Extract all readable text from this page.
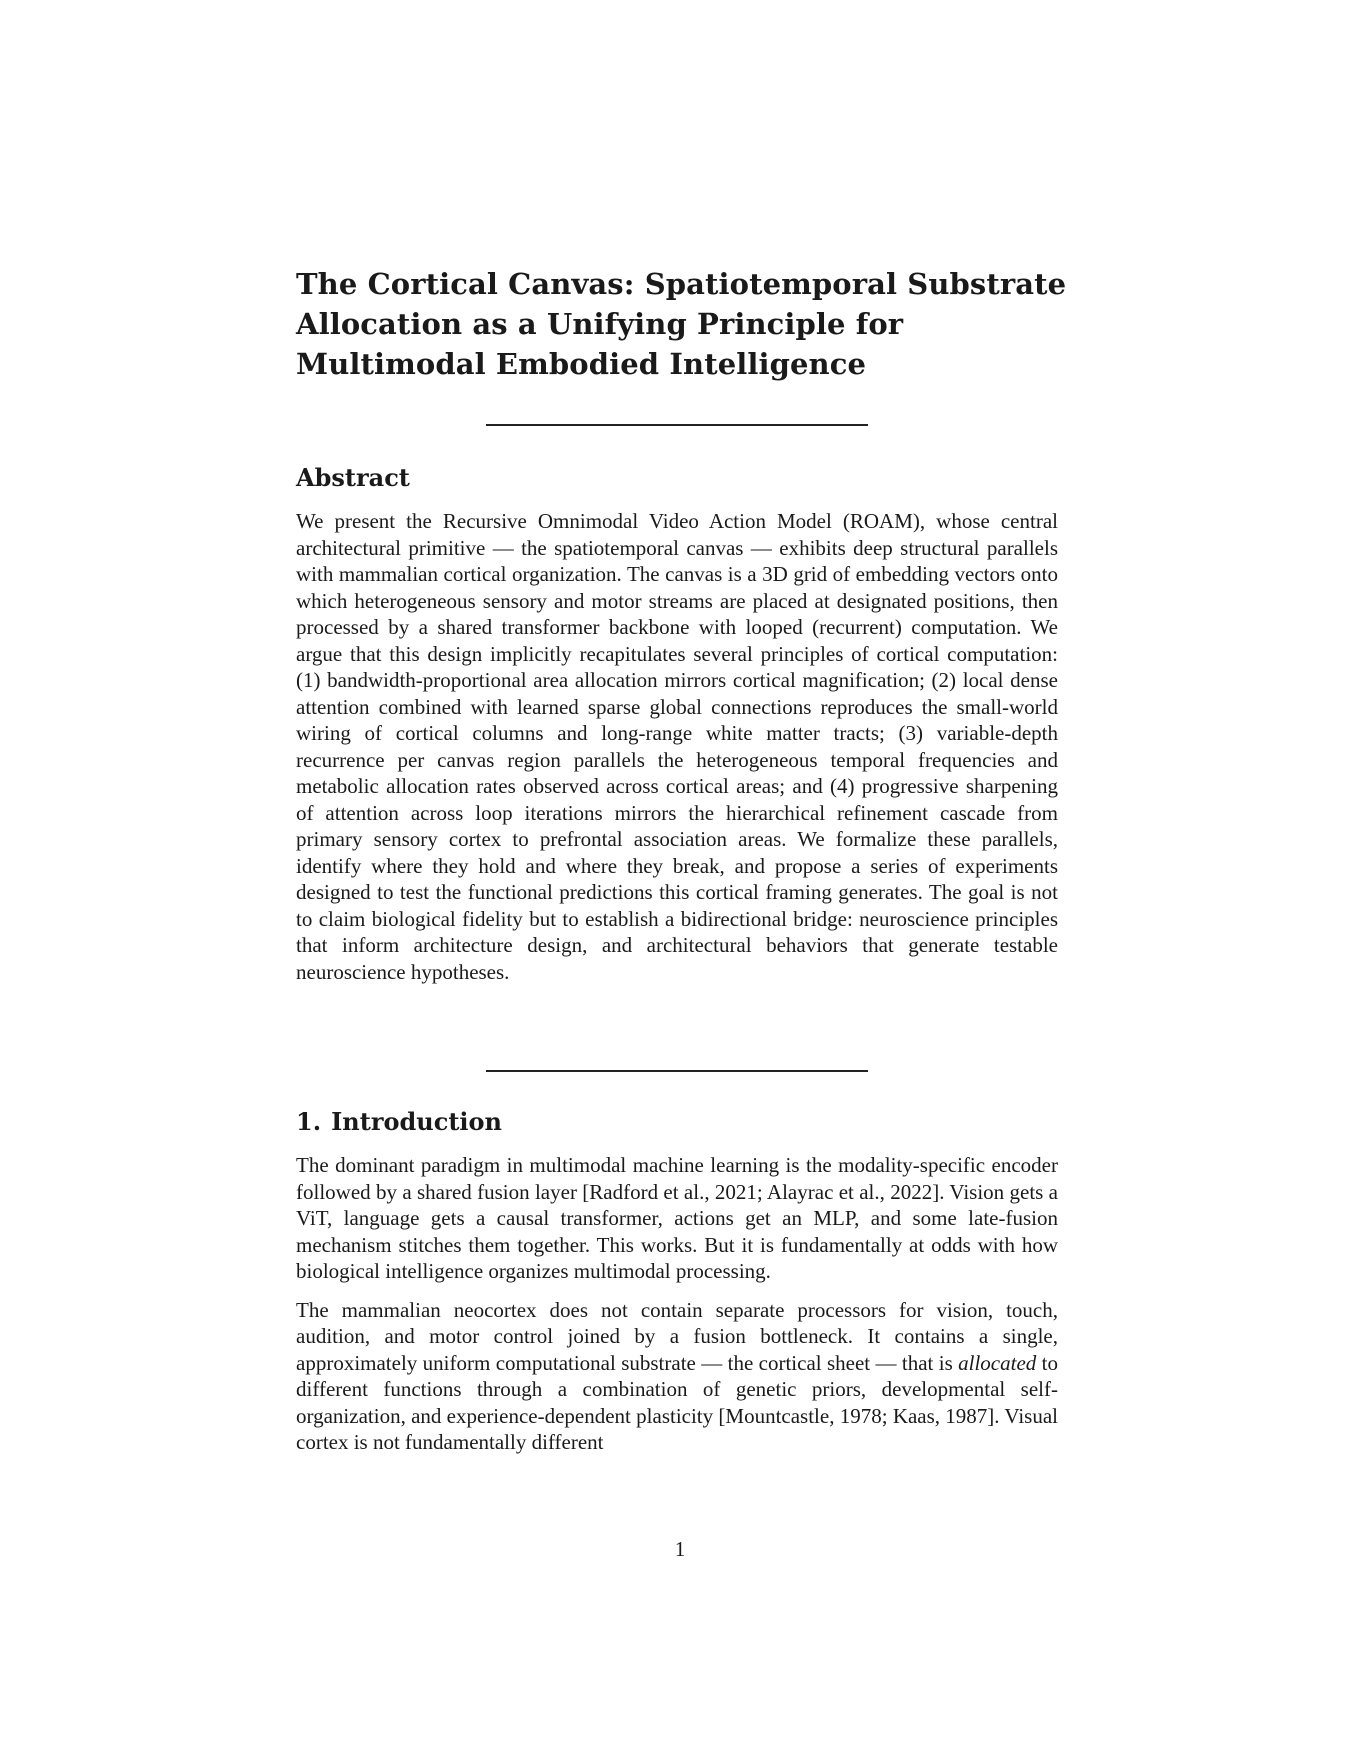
The Cortical Canvas: Spatiotemporal Substrate Allocation as a Unifying Principle for Multimodal Embodied Intelligence
Abstract

We present the Recursive Omnimodal Video Action Model (ROAM), whose central architectural primitive — the spatiotemporal canvas — exhibits deep structural parallels with mammalian cortical organization. The canvas is a 3D grid of embedding vectors onto which heterogeneous sensory and motor streams are placed at designated positions, then processed by a shared transformer backbone with looped (recurrent) computation. We argue that this design implicitly recapitulates several principles of cortical computation: (1) bandwidth-proportional area allocation mirrors cortical magnification; (2) local dense attention combined with learned sparse global connections reproduces the small-world wiring of cortical columns and long-range white matter tracts; (3) variable-depth recurrence per canvas region parallels the heterogeneous temporal frequencies and metabolic allocation rates observed across cortical areas; and (4) progressive sharpening of attention across loop iterations mirrors the hierarchical refinement cascade from primary sensory cortex to prefrontal association areas. We formalize these parallels, identify where they hold and where they break, and propose a series of experiments designed to test the functional predictions this cortical framing generates. The goal is not to claim biological fidelity but to establish a bidirectional bridge: neuroscience principles that inform architecture design, and architectural behaviors that generate testable neuroscience hypotheses.

1. Introduction

The dominant paradigm in multimodal machine learning is the modality-specific encoder followed by a shared fusion layer [Radford et al., 2021; Alayrac et al., 2022]. Vision gets a ViT, language gets a causal transformer, actions get an MLP, and some late-fusion mechanism stitches them together. This works. But it is fundamentally at odds with how biological intelligence organizes multimodal processing.

The mammalian neocortex does not contain separate processors for vision, touch, audition, and motor control joined by a fusion bottleneck. It contains a single, approximately uniform computational substrate — the cortical sheet — that is allocated to different functions through a combination of genetic priors, developmental self-organization, and experience-dependent plasticity [Mountcastle, 1978; Kaas, 1987]. Visual cortex is not fundamentally different

1
